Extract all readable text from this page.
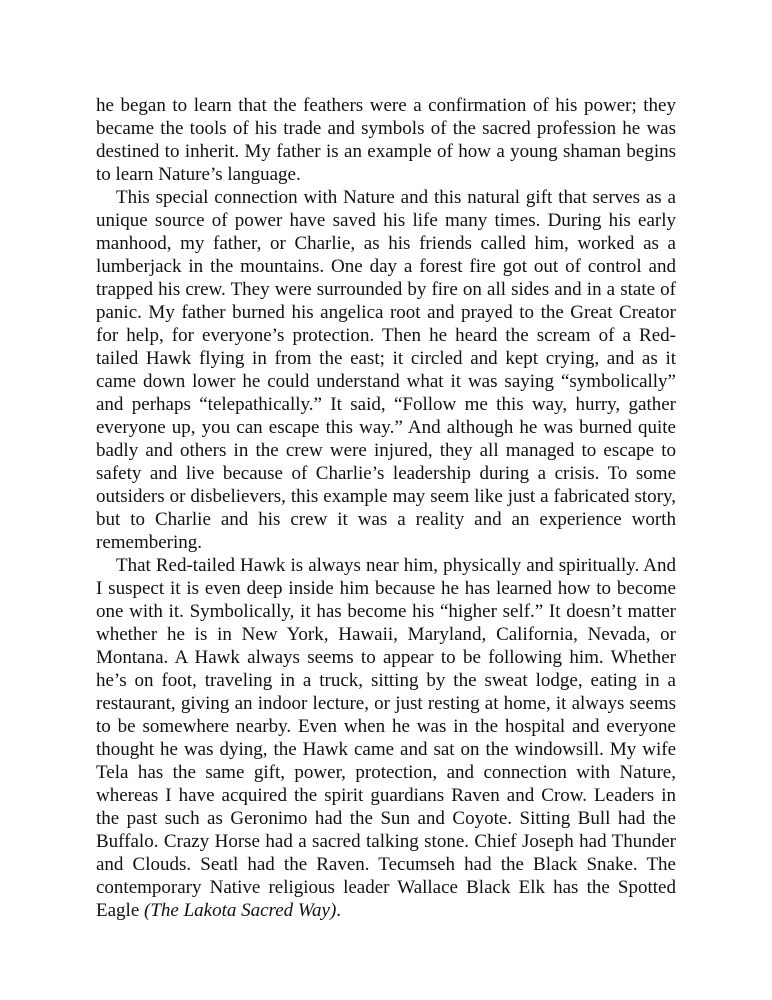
he began to learn that the feathers were a confirmation of his power; they became the tools of his trade and symbols of the sacred profession he was destined to inherit. My father is an example of how a young shaman begins to learn Nature’s language.

This special connection with Nature and this natural gift that serves as a unique source of power have saved his life many times. During his early manhood, my father, or Charlie, as his friends called him, worked as a lumberjack in the mountains. One day a forest fire got out of control and trapped his crew. They were surrounded by fire on all sides and in a state of panic. My father burned his angelica root and prayed to the Great Creator for help, for everyone’s protection. Then he heard the scream of a Red-tailed Hawk flying in from the east; it circled and kept crying, and as it came down lower he could understand what it was saying “symbolically” and perhaps “telepathically.” It said, “Follow me this way, hurry, gather everyone up, you can escape this way.” And although he was burned quite badly and others in the crew were injured, they all managed to escape to safety and live because of Charlie’s leadership during a crisis. To some outsiders or disbelievers, this example may seem like just a fabricated story, but to Charlie and his crew it was a reality and an experience worth remembering.

That Red-tailed Hawk is always near him, physically and spiritually. And I suspect it is even deep inside him because he has learned how to become one with it. Symbolically, it has become his “higher self.” It doesn’t matter whether he is in New York, Hawaii, Maryland, California, Nevada, or Montana. A Hawk always seems to appear to be following him. Whether he’s on foot, traveling in a truck, sitting by the sweat lodge, eating in a restaurant, giving an indoor lecture, or just resting at home, it always seems to be somewhere nearby. Even when he was in the hospital and everyone thought he was dying, the Hawk came and sat on the windowsill. My wife Tela has the same gift, power, protection, and connection with Nature, whereas I have acquired the spirit guardians Raven and Crow. Leaders in the past such as Geronimo had the Sun and Coyote. Sitting Bull had the Buffalo. Crazy Horse had a sacred talking stone. Chief Joseph had Thunder and Clouds. Seatl had the Raven. Tecumseh had the Black Snake. The contemporary Native religious leader Wallace Black Elk has the Spotted Eagle (The Lakota Sacred Way).
